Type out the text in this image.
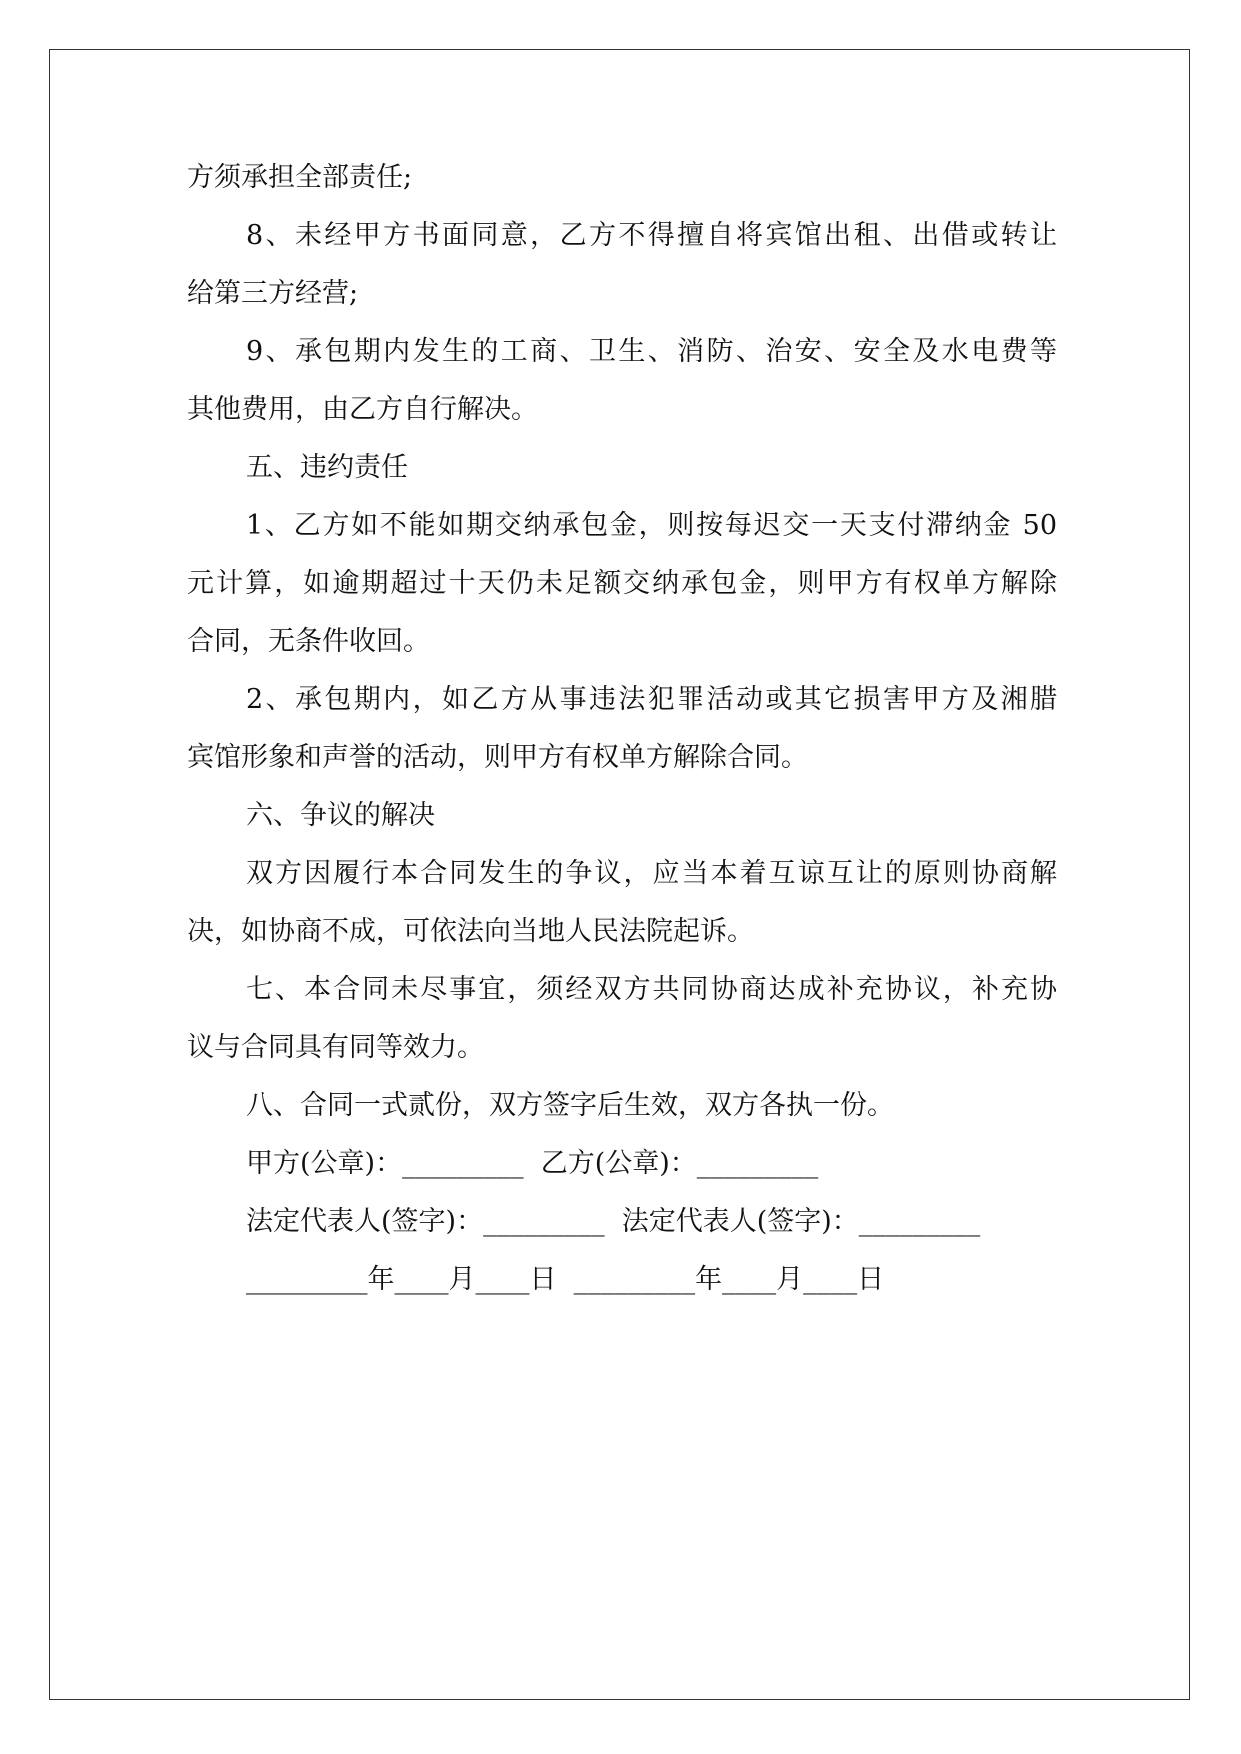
方须承担全部责任;
8、未经甲方书面同意，乙方不得擅自将宾馆出租、出借或转让
给第三方经营;
9、承包期内发生的工商、卫生、消防、治安、安全及水电费等
其他费用，由乙方自行解决。
五、违约责任
1、乙方如不能如期交纳承包金，则按每迟交一天支付滞纳金 50
元计算，如逾期超过十天仍未足额交纳承包金，则甲方有权单方解除
合同，无条件收回。
2、承包期内，如乙方从事违法犯罪活动或其它损害甲方及湘腊
宾馆形象和声誉的活动，则甲方有权单方解除合同。
六、争议的解决
双方因履行本合同发生的争议，应当本着互谅互让的原则协商解
决，如协商不成，可依法向当地人民法院起诉。
七、本合同未尽事宜，须经双方共同协商达成补充协议，补充协
议与合同具有同等效力。
八、合同一式贰份，双方签字后生效，双方各执一份。
甲方(公章)：_________  乙方(公章)：_________
法定代表人(签字)：_________  法定代表人(签字)：_________
_________年____月____日  _________年____月____日
